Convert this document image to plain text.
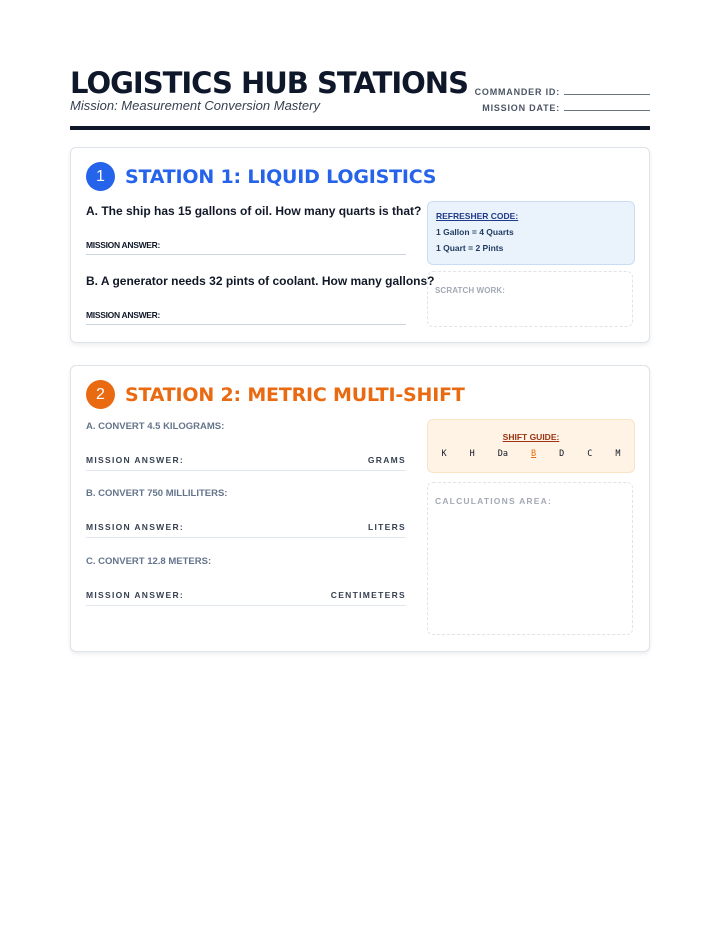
LOGISTICS HUB STATIONS
Mission: Measurement Conversion Mastery
COMMANDER ID:
MISSION DATE:
1	STATION 1: LIQUID LOGISTICS
A. The ship has 15 gallons of oil. How many quarts is that?
MISSION ANSWER:
B. A generator needs 32 pints of coolant. How many gallons?
MISSION ANSWER:
REFRESHER CODE:
1 Gallon = 4 Quarts
1 Quart = 2 Pints
SCRATCH WORK:
2	STATION 2: METRIC MULTI-SHIFT
A. CONVERT 4.5 KILOGRAMS:
MISSION ANSWER:	GRAMS
B. CONVERT 750 MILLILITERS:
MISSION ANSWER:	LITERS
C. CONVERT 12.8 METERS:
MISSION ANSWER:	CENTIMETERS
SHIFT GUIDE:
K	H	Da	B	D	C	M
CALCULATIONS AREA:
